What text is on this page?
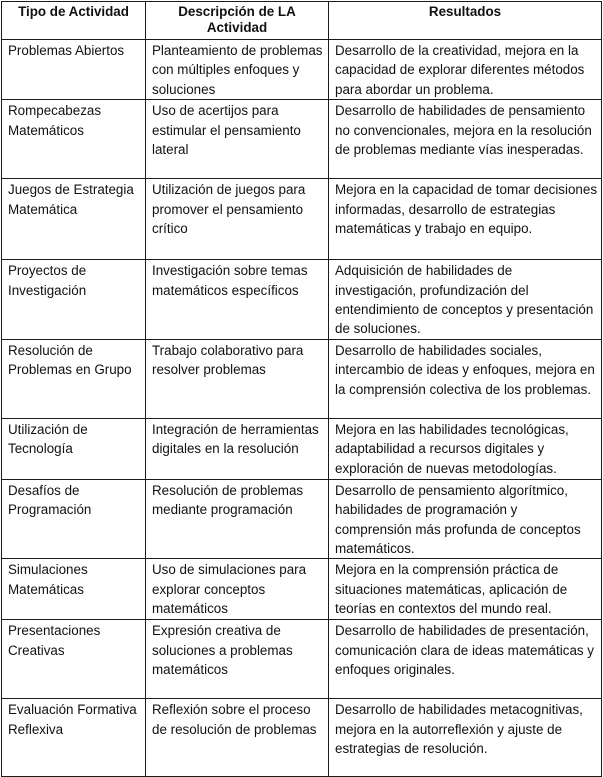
Tipo de Actividad	Descripción de LA Actividad	Resultados
Problemas Abiertos	Planteamiento de problemas con múltiples enfoques y soluciones	Desarrollo de la creatividad, mejora en la capacidad de explorar diferentes métodos para abordar un problema.
Rompecabezas Matemáticos	Uso de acertijos para estimular el pensamiento lateral	Desarrollo de habilidades de pensamiento no convencionales, mejora en la resolución de problemas mediante vías inesperadas.
Juegos de Estrategia Matemática	Utilización de juegos para promover el pensamiento crítico	Mejora en la capacidad de tomar decisiones informadas, desarrollo de estrategias matemáticas y trabajo en equipo.
Proyectos de Investigación	Investigación sobre temas matemáticos específicos	Adquisición de habilidades de investigación, profundización del entendimiento de conceptos y presentación de soluciones.
Resolución de Problemas en Grupo	Trabajo colaborativo para resolver problemas	Desarrollo de habilidades sociales, intercambio de ideas y enfoques, mejora en la comprensión colectiva de los problemas.
Utilización de Tecnología	Integración de herramientas digitales en la resolución	Mejora en las habilidades tecnológicas, adaptabilidad a recursos digitales y exploración de nuevas metodologías.
Desafíos de Programación	Resolución de problemas mediante programación	Desarrollo de pensamiento algorítmico, habilidades de programación y comprensión más profunda de conceptos matemáticos.
Simulaciones Matemáticas	Uso de simulaciones para explorar conceptos matemáticos	Mejora en la comprensión práctica de situaciones matemáticas, aplicación de teorías en contextos del mundo real.
Presentaciones Creativas	Expresión creativa de soluciones a problemas matemáticos	Desarrollo de habilidades de presentación, comunicación clara de ideas matemáticas y enfoques originales.
Evaluación Formativa Reflexiva	Reflexión sobre el proceso de resolución de problemas	Desarrollo de habilidades metacognitivas, mejora en la autorreflexión y ajuste de estrategias de resolución.
